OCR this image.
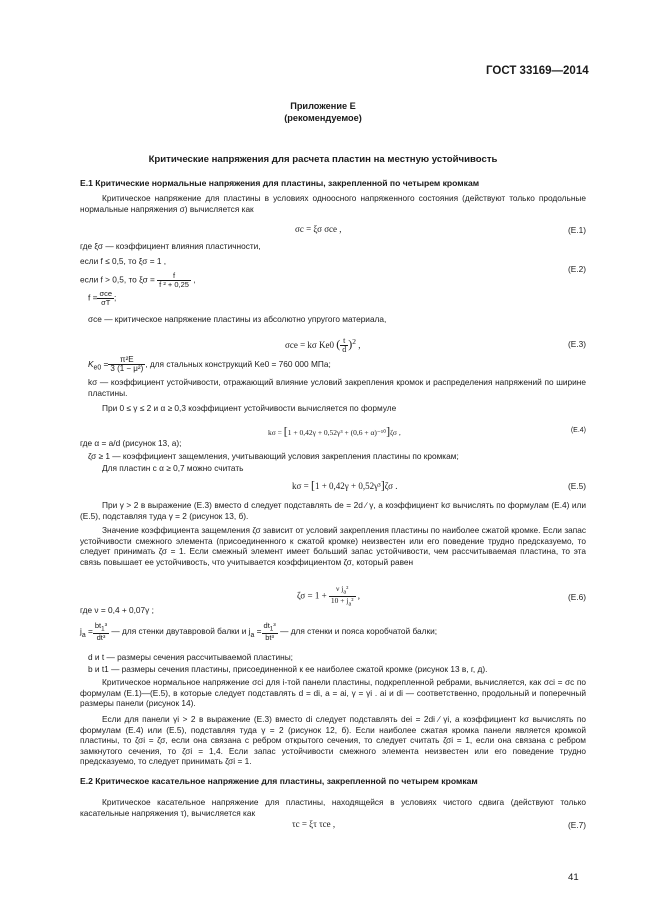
ГОСТ 33169—2014
Приложение Е
(рекомендуемое)
Критические напряжения для расчета пластин на местную устойчивость
Е.1 Критические нормальные напряжения для пластины, закрепленной по четырем кромкам
Критическое напряжение для пластины в условиях одноосного напряженного состояния (действуют только продольные нормальные напряжения σ) вычисляется как
σc = ξσ σce ,	(Е.1)
где ξσ — коэффициент влияния пластичности,
если f ≤ 0,5, то ξσ = 1 ,
если f > 0,5, то $\xi\sigma = \frac{f}{\text{f ² + 0,25}}$ ,
(Е.2)
$f = \frac{\text{σce}}{\sigma T}$ ;
σce — критическое напряжение пластины из абсолютно упругого материала,
σce = kσ Ke0 ( $\frac{t}{d} )^2$ ,	(Е.3)
$K_{e0} = \frac{\text{π²E}}{\text{3 (1 − μ²)}}$ , для стальных конструкций Ke0 = 760 000 МПа;
kσ — коэффициент устойчивости, отражающий влияние условий закрепления кромок и распределения напряжений по ширине пластины.
При 0 ≤ γ ≤ 2 и α ≥ 0,3 коэффициент устойчивости вычисляется по формуле
kσ = [1 + 0,42γ + 0,52γ³ + (0,6 + α)⁻¹⁰]ζσ ,	(Е.4)
где α = a/d (рисунок 13, а);
ζσ ≥ 1 — коэффициент защемления, учитывающий условия закрепления пластины по кромкам;
Для пластин с α ≥ 0,7 можно считать
kσ = [1 + 0,42γ + 0,52γ³]ζσ .	(Е.5)
При γ > 2 в выражение (Е.3) вместо d следует подставлять de = 2d ∕ γ, а коэффициент kσ вычислять по формулам (Е.4) или (Е.5), подставляя туда γ = 2 (рисунок 13, б).
Значение коэффициента защемления ζσ зависит от условий закрепления пластины по наиболее сжатой кромке. Если запас устойчивости смежного элемента (присоединенного к сжатой кромке) неизвестен или его поведение трудно предсказуемо, то следует принимать ζσ = 1. Если смежный элемент имеет больший запас устойчивости, чем рассчитываемая пластина, то эта связь повышает ее устойчивость, что учитывается коэффициентом ζσ, который равен
$\zeta\sigma = 1 + \frac{\nu j_a^2}{10 + j_a^2}$ ,	(Е.6)
где ν = 0,4 + 0,07γ ;
$j_a = \frac{bt_1^3}{\text{dt³}}$ — для стенки двутавровой балки и $j_a = \frac{dt_1^3}{\text{bt³}}$ — для стенки и пояса коробчатой балки;
d и t — размеры сечения рассчитываемой пластины;
b и t1 — размеры сечения пластины, присоединенной к ее наиболее сжатой кромке (рисунок 13 в, г, д).
Критическое нормальное напряжение σci для i-той панели пластины, подкрепленной ребрами, вычисляется, как σci = σc по формулам (Е.1)—(Е.5), в которые следует подставлять d = di, a = ai, γ = γi . ai и di — соответственно, продольный и поперечный размеры панели (рисунок 14).
Если для панели γi > 2 в выражение (Е.3) вместо di следует подставлять dei = 2di ∕ γi, а коэффициент kσ вычислять по формулам (Е.4) или (Е.5), подставляя туда γ = 2 (рисунок 12, б). Если наиболее сжатая кромка панели является кромкой пластины, то ζσi = ζσ, если она связана с ребром открытого сечения, то следует считать ζσi = 1, если она связана с ребром замкнутого сечения, то ζσi = 1,4. Если запас устойчивости смежного элемента неизвестен или его поведение трудно предсказуемо, то следует принимать ζσi = 1.
Е.2 Критическое касательное напряжение для пластины, закрепленной по четырем кромкам
Критическое касательное напряжение для пластины, находящейся в условиях чистого сдвига (действуют только касательные напряжения τ), вычисляется как
τc = ξτ τce ,	(Е.7)
41
